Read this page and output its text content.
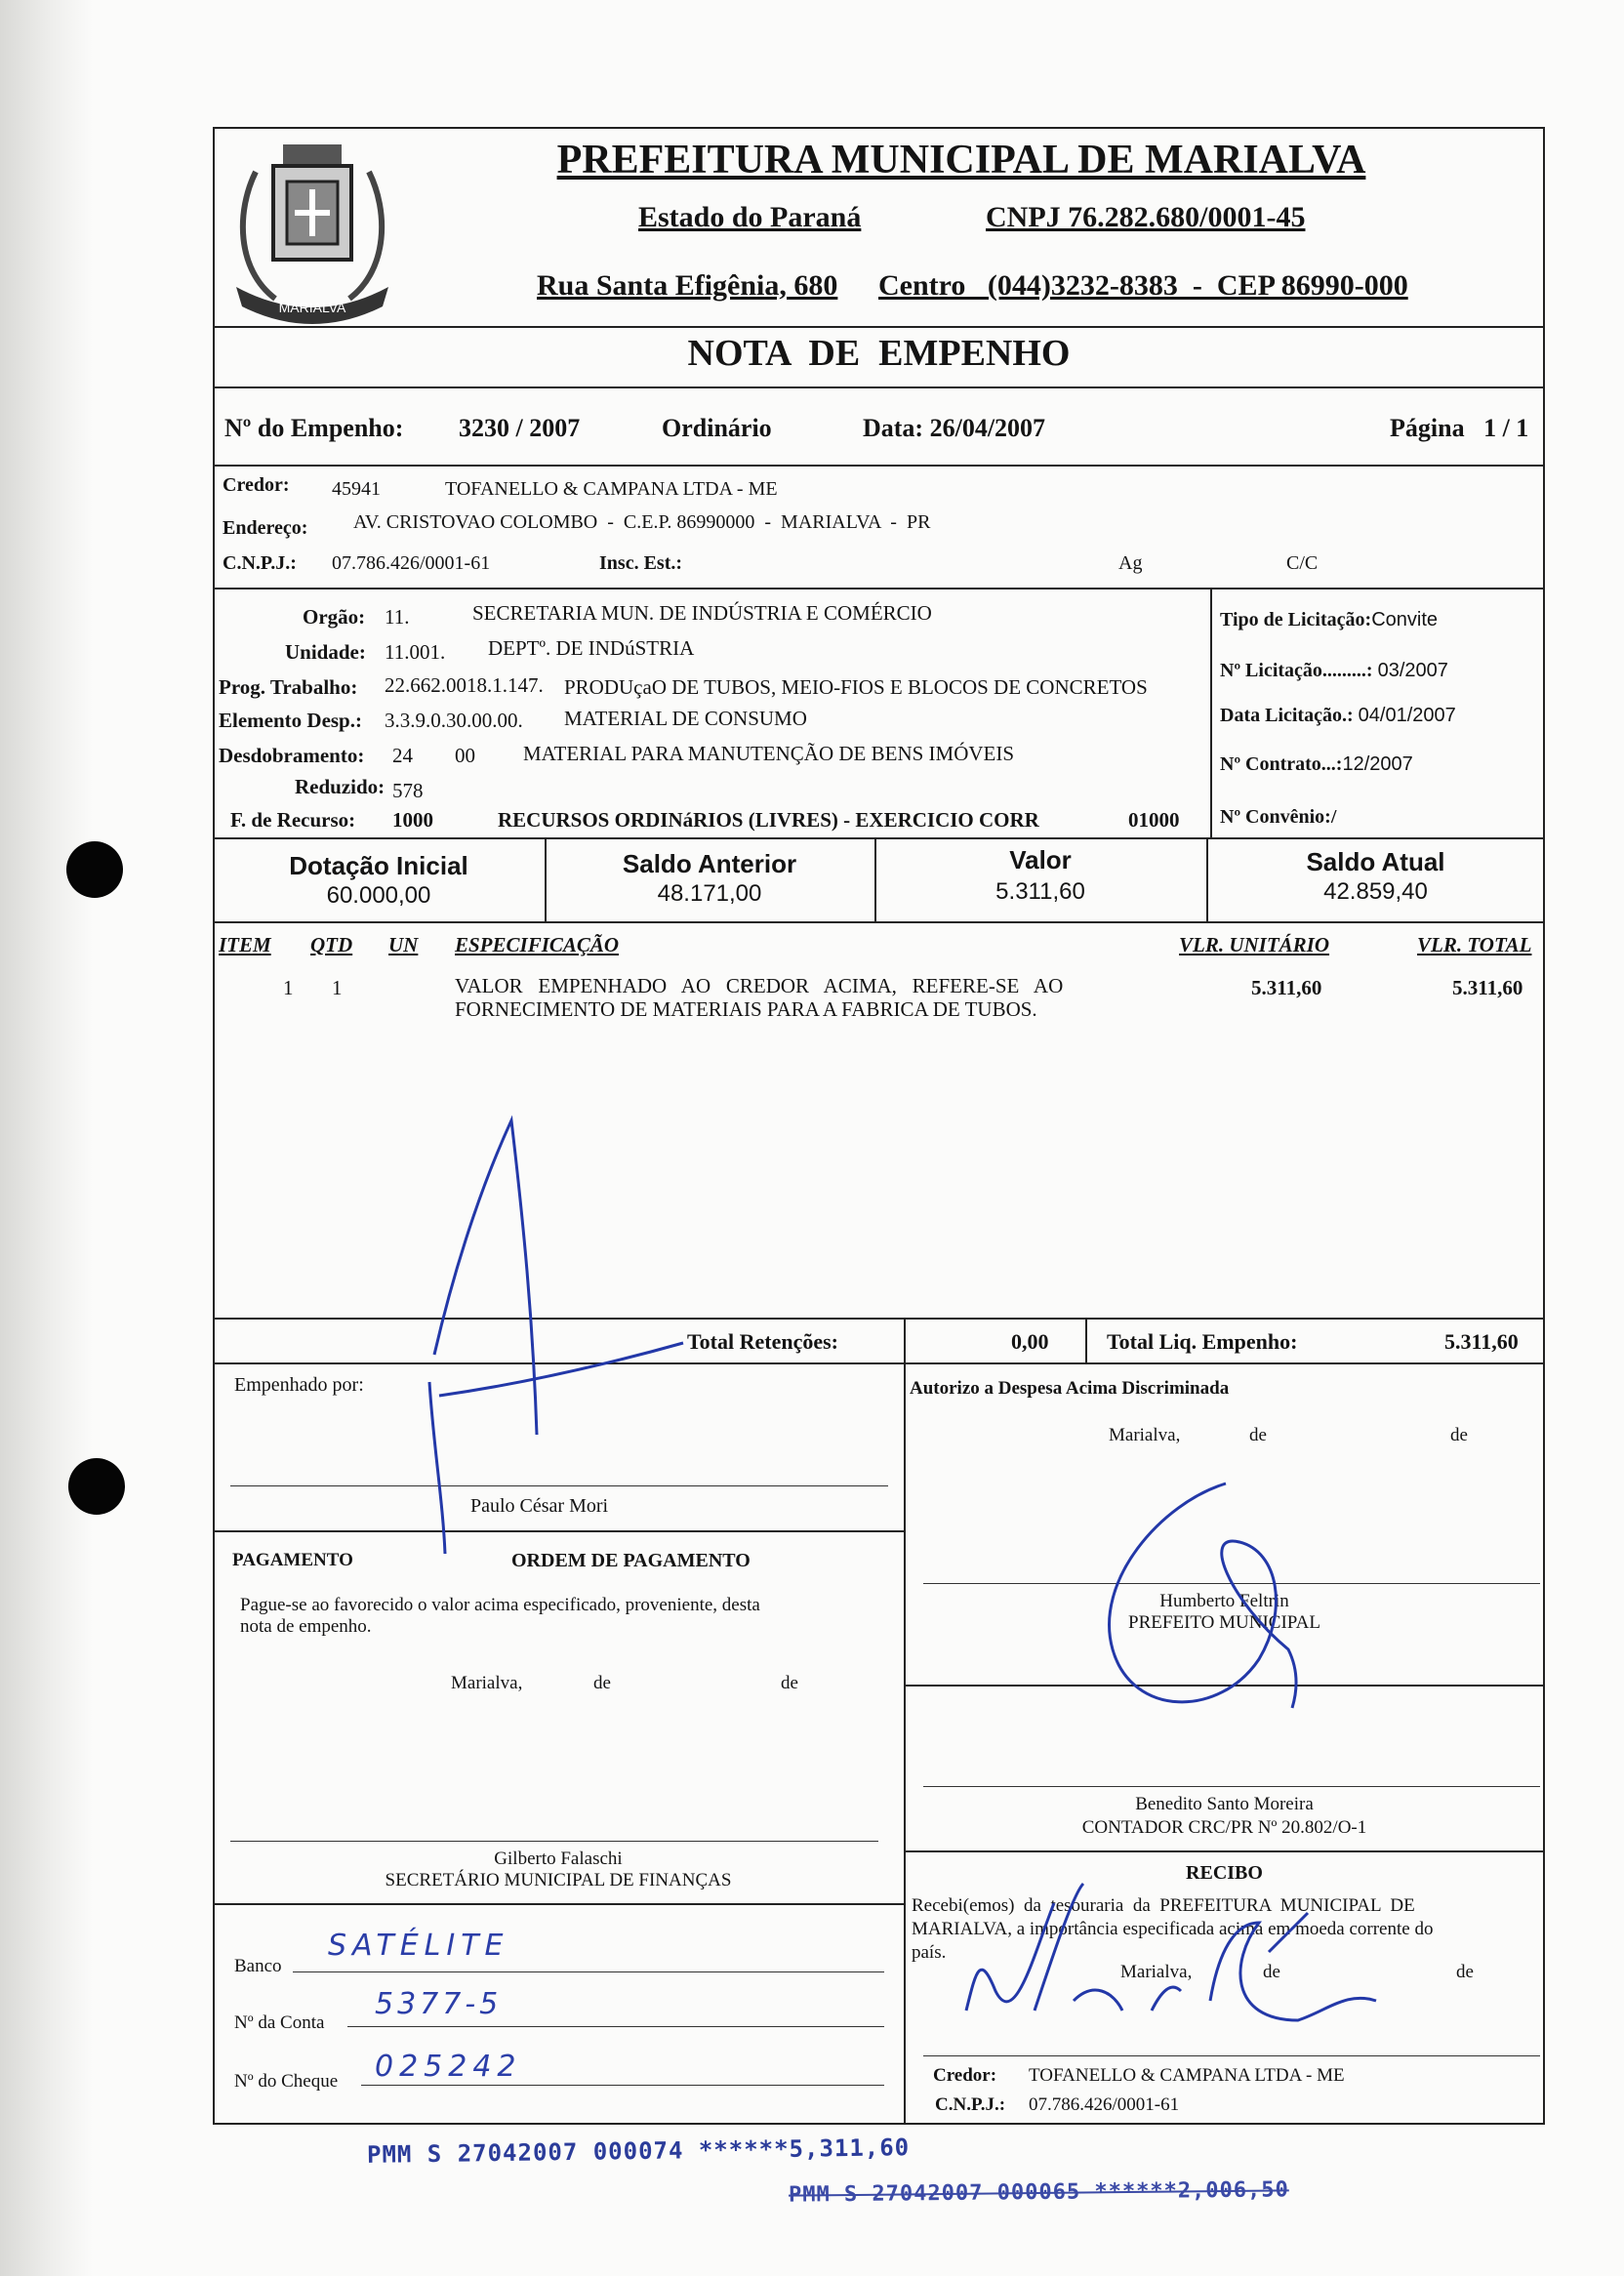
MARIALVA
PREFEITURA MUNICIPAL DE MARIALVA
Estado do Paraná	CNPJ 76.282.680/0001-45
Rua Santa Efigênia, 680 Centro   (044)3232-8383  -  CEP 86990-000
NOTA  DE  EMPENHO
Nº do Empenho: 3230 / 2007	Ordinário	Data: 26/04/2007	Página   1 / 1
Credor: 45941	TOFANELLO & CAMPANA LTDA - ME
Endereço: AV. CRISTOVAO COLOMBO  -  C.E.P. 86990000  -  MARIALVA  -  PR
C.N.P.J.: 07.786.426/0001-61	Insc. Est.:	Ag	C/C
Orgão: 11.	SECRETARIA MUN. DE INDÚSTRIA E COMÉRCIO
Unidade: 11.001. DEPTº. DE INDúSTRIA
Prog. Trabalho: 22.662.0018.1.147. PRODUçaO DE TUBOS, MEIO-FIOS E BLOCOS DE CONCRETOS
Elemento Desp.: 3.3.9.0.30.00.00. MATERIAL DE CONSUMO
Desdobramento: 24 00 MATERIAL PARA MANUTENÇÃO DE BENS IMÓVEIS
Reduzido: 578
F. de Recurso: 1000	RECURSOS ORDINáRIOS (LIVRES) - EXERCICIO CORR	01000
Tipo de Licitação:Convite
Nº Licitação.........: 03/2007
Data Licitação.: 04/01/2007
Nº Contrato...:12/2007
Nº Convênio:/
Dotação Inicial
60.000,00
Saldo Anterior
48.171,00
Valor
5.311,60
Saldo Atual
42.859,40
ITEM QTD UN ESPECIFICAÇÃO	VLR. UNITÁRIO	VLR. TOTAL
1 1	VALOR   EMPENHADO   AO   CREDOR   ACIMA,   REFERE-SE   AO
FORNECIMENTO DE MATERIAIS PARA A FABRICA DE TUBOS.
5.311,60	5.311,60
Total Retenções:	0,00	Total Liq. Empenho:	5.311,60
Empenhado por:
Paulo César Mori
Autorizo a Despesa Acima Discriminada
Marialva,	de	de
Humberto Feltrin
PREFEITO MUNICIPAL
PAGAMENTO	ORDEM DE PAGAMENTO
Pague-se ao favorecido o valor acima especificado, proveniente, desta
nota de empenho.
Marialva,	de	de
Gilberto Falaschi
SECRETÁRIO MUNICIPAL DE FINANÇAS
Benedito Santo Moreira
CONTADOR CRC/PR Nº 20.802/O-1
RECIBO
Recebi(emos)  da  tesouraria  da  PREFEITURA  MUNICIPAL  DE
MARIALVA, a importância especificada acima em moeda corrente do
país.
Marialva,	de	de
Credor: TOFANELLO & CAMPANA LTDA - ME
C.N.P.J.: 07.786.426/0001-61
Banco
SATÉLITE
Nº da Conta
5377-5
Nº do Cheque 025242
PMM S 27042007 000074 ******5,311,60
PMM S 27042007 000065 ******2,006,50
